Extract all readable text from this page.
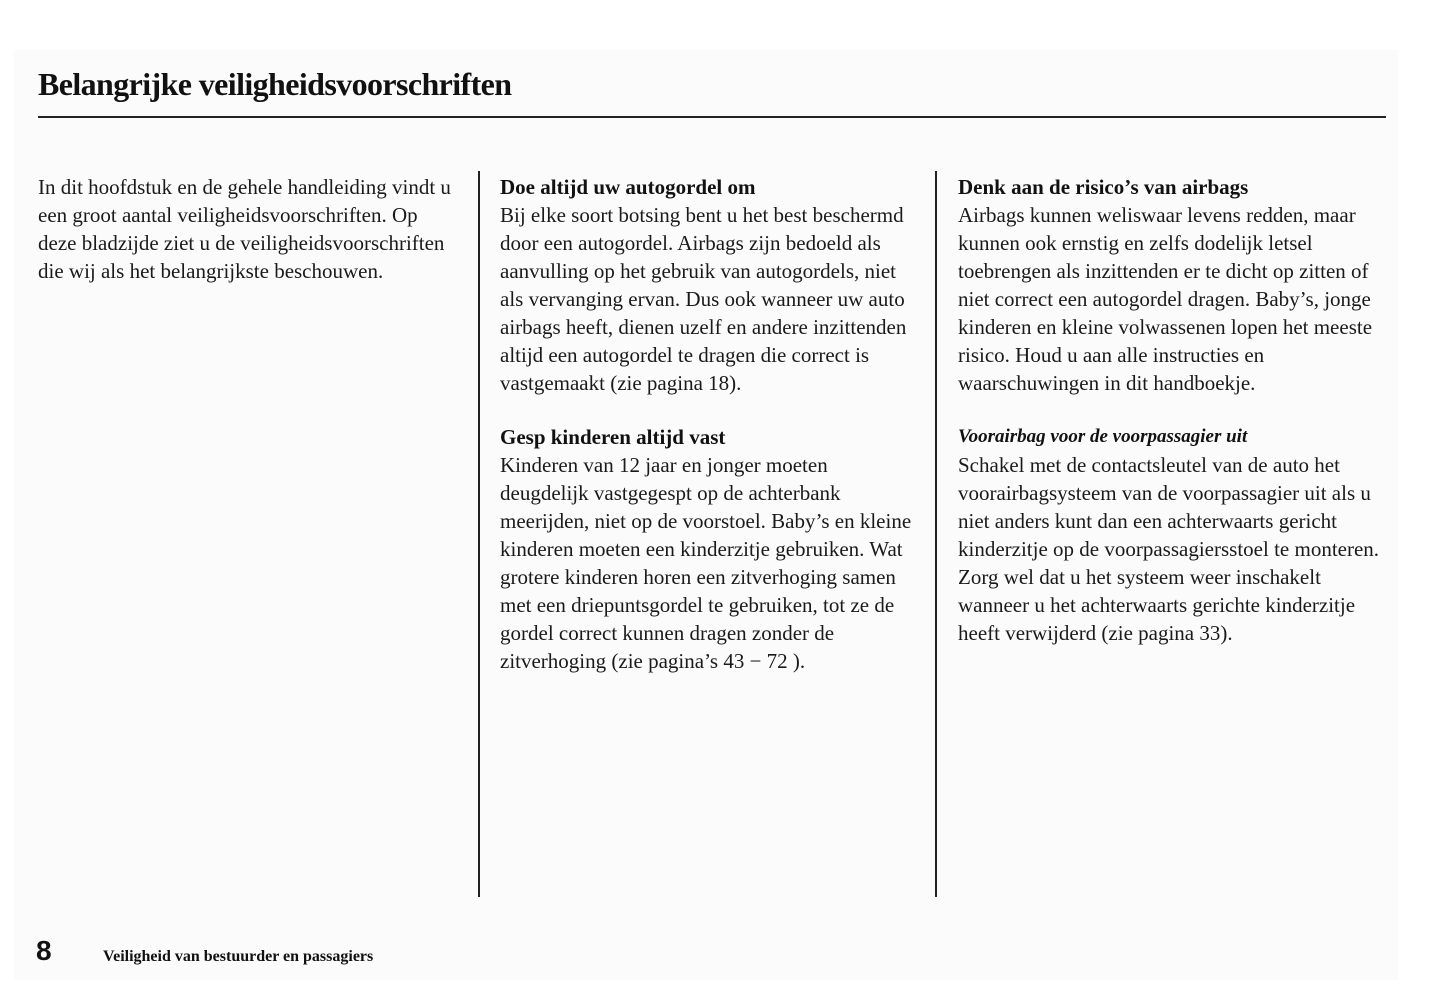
Belangrijke veiligheidsvoorschriften

In dit hoofdstuk en de gehele handleiding vindt u een groot aantal veiligheidsvoorschriften. Op deze bladzijde ziet u de veiligheidsvoorschriften die wij als het belangrijkste beschouwen.

Doe altijd uw autogordel om

Bij elke soort botsing bent u het best beschermd door een autogordel. Airbags zijn bedoeld als aanvulling op het gebruik van autogordels, niet als vervanging ervan. Dus ook wanneer uw auto airbags heeft, dienen uzelf en andere inzittenden altijd een autogordel te dragen die correct is vastgemaakt (zie pagina 18).

Gesp kinderen altijd vast

Kinderen van 12 jaar en jonger moeten deugdelijk vastgegespt op de achterbank meerijden, niet op de voorstoel. Baby’s en kleine kinderen moeten een kinderzitje gebruiken. Wat grotere kinderen horen een zitverhoging samen met een driepuntsgordel te gebruiken, tot ze de gordel correct kunnen dragen zonder de zitverhoging (zie pagina’s 43 − 72 ).

Denk aan de risico’s van airbags

Airbags kunnen weliswaar levens redden, maar kunnen ook ernstig en zelfs dodelijk letsel toebrengen als inzittenden er te dicht op zitten of niet correct een autogordel dragen. Baby’s, jonge kinderen en kleine volwassenen lopen het meeste risico. Houd u aan alle instructies en waarschuwingen in dit handboekje.

Voorairbag voor de voorpassagier uit

Schakel met de contactsleutel van de auto het voorairbagsysteem van de voorpassagier uit als u niet anders kunt dan een achterwaarts gericht kinderzitje op de voorpassagiersstoel te monteren. Zorg wel dat u het systeem weer inschakelt wanneer u het achterwaarts gerichte kinderzitje heeft verwijderd (zie pagina 33).

8	Veiligheid van bestuurder en passagiers
